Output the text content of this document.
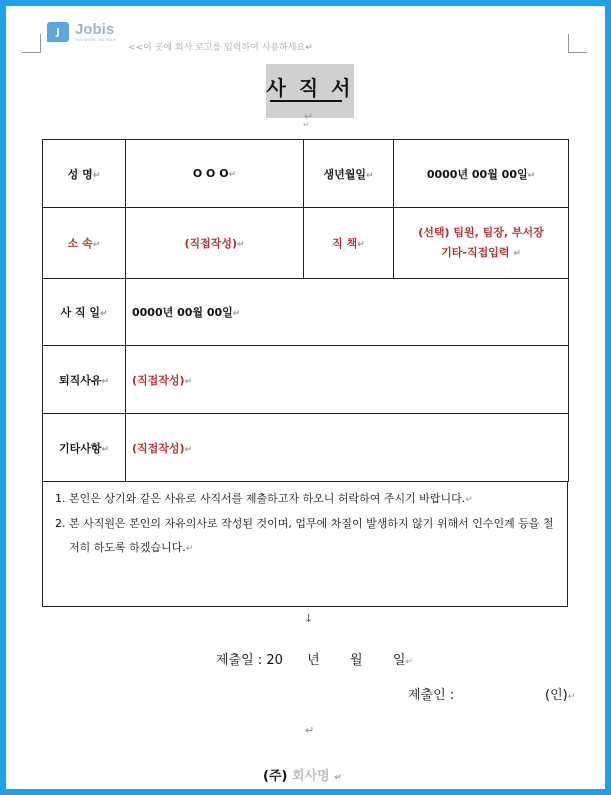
J	Jobis
YOU WORK, WE HELP
<<이 곳에 회사 로고를 입력하여 사용하세요↵
사 직 서↵
↵
성 명↵	O O O↵	생년월일↵	0000년 00월 00일↵
소 속↵	(직접작성)↵	직 책↵	(선택) 팀원, 팀장, 부서장
기타-직접입력 ↵

사 직 일↵	0000년 00월 00일↵		
퇴직사유↵	(직접작성)↵		
기타사항↵	(직접작성)↵		
1. 본인은 상기와 같은 사유로 사직서를 제출하고자 하오니 허락하여 주시기 바랍니다.↵
2. 본 사직원은 본인의 자유의사로 작성된 것이며, 업무에 차질이 발생하지 않기 위해서 인수인계 등을 철저히 하도록 하겠습니다.↵
↓
제출일 : 20 년 월 일↵
제출인 :	(인)↵
↵
(주) 회사명 ↵
